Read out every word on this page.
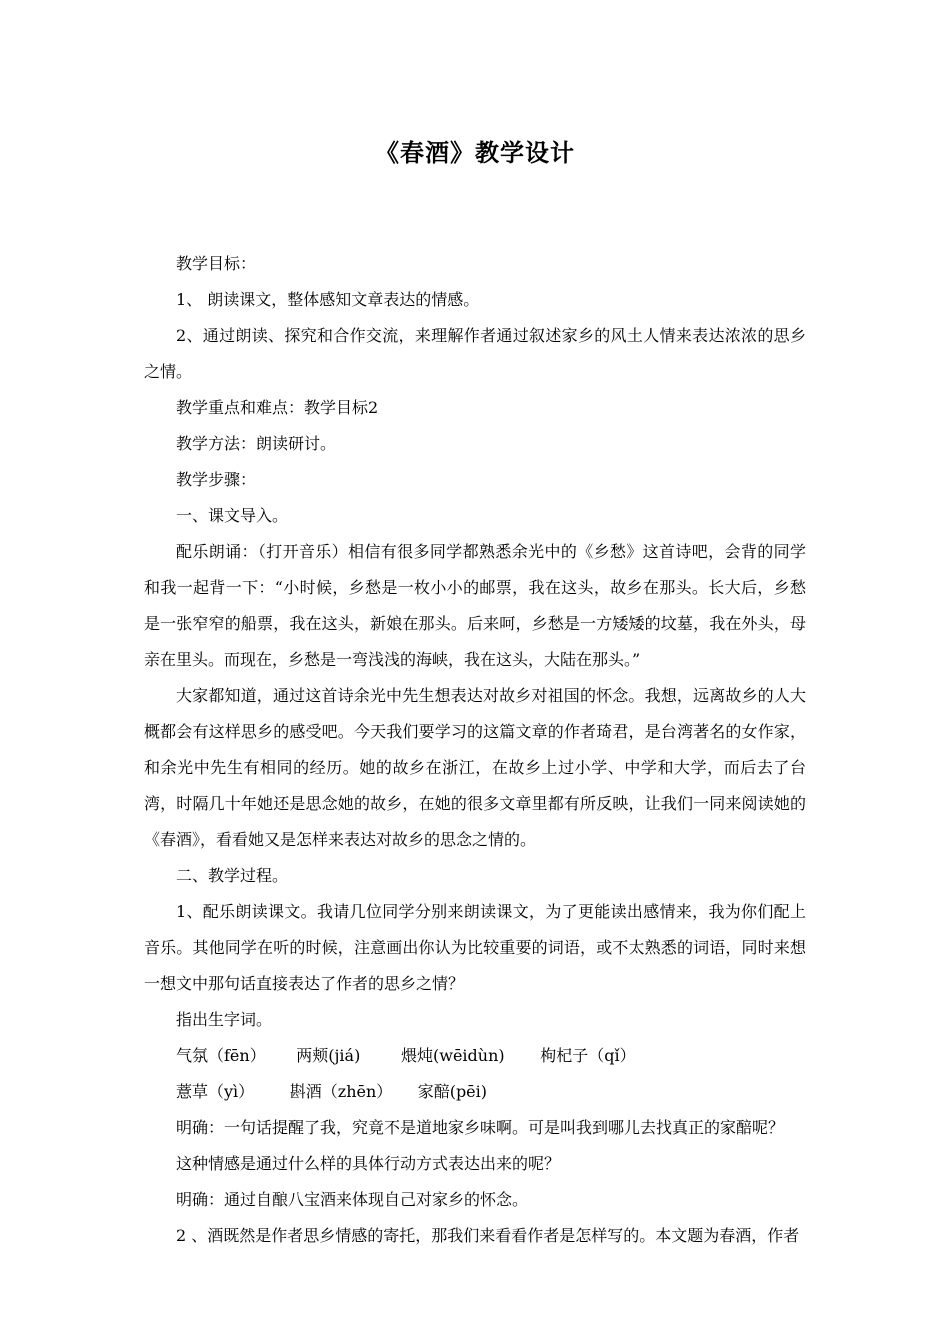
《春酒》教学设计

教学目标：

1、 朗读课文，整体感知文章表达的情感。

2、通过朗读、探究和合作交流，来理解作者通过叙述家乡的风土人情来表达浓浓的思乡之情。

教学重点和难点：教学目标2

教学方法：朗读研讨。

教学步骤：

一、课文导入。

配乐朗诵：（打开音乐）相信有很多同学都熟悉余光中的《乡愁》这首诗吧，会背的同学和我一起背一下：“小时候，乡愁是一枚小小的邮票，我在这头，故乡在那头。长大后，乡愁是一张窄窄的船票，我在这头，新娘在那头。后来呵，乡愁是一方矮矮的坟墓，我在外头，母亲在里头。而现在，乡愁是一弯浅浅的海峡，我在这头，大陆在那头。”

大家都知道，通过这首诗余光中先生想表达对故乡对祖国的怀念。我想，远离故乡的人大概都会有这样思乡的感受吧。今天我们要学习的这篇文章的作者琦君，是台湾著名的女作家，和余光中先生有相同的经历。她的故乡在浙江，在故乡上过小学、中学和大学，而后去了台湾，时隔几十年她还是思念她的故乡，在她的很多文章里都有所反映，让我们一同来阅读她的《春酒》，看看她又是怎样来表达对故乡的思念之情的。

二、教学过程。

1、配乐朗读课文。我请几位同学分别来朗读课文，为了更能读出感情来，我为你们配上音乐。其他同学在听的时候，注意画出你认为比较重要的词语，或不太熟悉的词语，同时来想一想文中那句话直接表达了作者的思乡之情？

指出生字词。

气氛（fēn）      两颊(jiá)        煨炖(wēidùn)       枸杞子（qǐ）

薏草（yì）       斟酒（zhēn）     家醅(pēi)

明确：一句话提醒了我，究竟不是道地家乡味啊。可是叫我到哪儿去找真正的家醅呢？

这种情感是通过什么样的具体行动方式表达出来的呢？

明确：通过自酿八宝酒来体现自己对家乡的怀念。

2 、酒既然是作者思乡情感的寄托，那我们来看看作者是怎样写的。本文题为春酒，作者
